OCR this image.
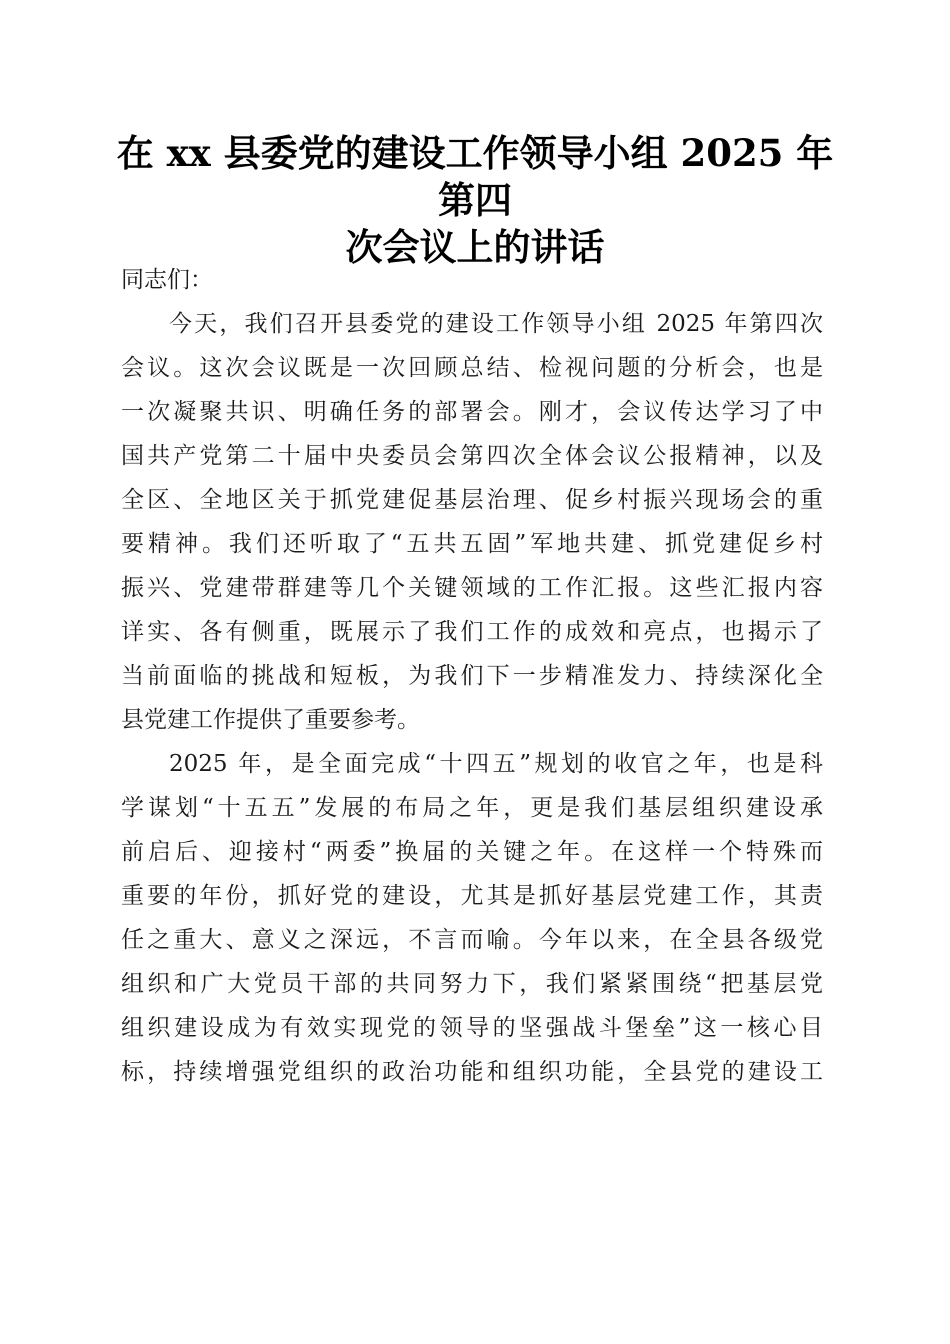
在 xx 县委党的建设工作领导小组 2025 年第四
次会议上的讲话
同志们：
今天，我们召开县委党的建设工作领导小组 2025 年第四次
会议。这次会议既是一次回顾总结、检视问题的分析会，也是
一次凝聚共识、明确任务的部署会。刚才，会议传达学习了中
国共产党第二十届中央委员会第四次全体会议公报精神，以及
全区、全地区关于抓党建促基层治理、促乡村振兴现场会的重
要精神。我们还听取了“五共五固”军地共建、抓党建促乡村
振兴、党建带群建等几个关键领域的工作汇报。这些汇报内容
详实、各有侧重，既展示了我们工作的成效和亮点，也揭示了
当前面临的挑战和短板，为我们下一步精准发力、持续深化全
县党建工作提供了重要参考。
2025 年，是全面完成“十四五”规划的收官之年，也是科
学谋划“十五五”发展的布局之年，更是我们基层组织建设承
前启后、迎接村“两委”换届的关键之年。在这样一个特殊而
重要的年份，抓好党的建设，尤其是抓好基层党建工作，其责
任之重大、意义之深远，不言而喻。今年以来，在全县各级党
组织和广大党员干部的共同努力下，我们紧紧围绕“把基层党
组织建设成为有效实现党的领导的坚强战斗堡垒”这一核心目
标，持续增强党组织的政治功能和组织功能，全县党的建设工
